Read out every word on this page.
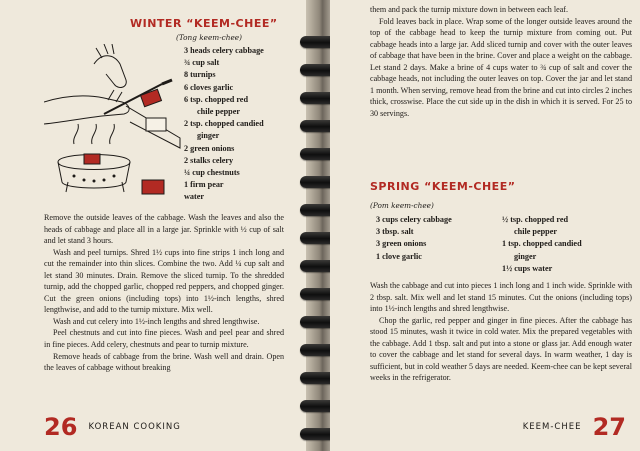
WINTER “KEEM-CHEE”
(Tong keem-chee)
3 heads celery cabbage
¾ cup salt
8 turnips
6 cloves garlic
6 tsp. chopped red
chile pepper
2 tsp. chopped candied
ginger
2 green onions
2 stalks celery
¼ cup chestnuts
1 firm pear
water

Remove the outside leaves of the cabbage. Wash the leaves and also the heads of cabbage and place all in a large jar. Sprinkle with ½ cup of salt and let stand 3 hours.

Wash and peel turnips. Shred 1½ cups into fine strips 1 inch long and cut the remainder into thin slices. Combine the two. Add ¼ cup salt and let stand 30 minutes. Drain. Remove the sliced turnip. To the shredded turnip, add the chopped garlic, chopped red peppers, and chopped ginger. Cut the green onions (including tops) into 1½-inch lengths, shred lengthwise, and add to the turnip mixture. Mix well.

Wash and cut celery into 1½-inch lengths and shred lengthwise.

Peel chestnuts and cut into fine pieces. Wash and peel pear and shred in fine pieces. Add celery, chestnuts and pear to turnip mixture.

Remove heads of cabbage from the brine. Wash well and drain. Open the leaves of cabbage without breaking

26 KOREAN COOKING

them and pack the turnip mixture down in between each leaf.

Fold leaves back in place. Wrap some of the longer outside leaves around the top of the cabbage head to keep the turnip mixture from coming out. Put cabbage heads into a large jar. Add sliced turnip and cover with the outer leaves of cabbage that have been in the brine. Cover and place a weight on the cabbage. Let stand 2 days. Make a brine of 4 cups water to ¾ cup of salt and cover the cabbage heads, not including the outer leaves on top. Cover the jar and let stand 1 month. When serving, remove head from the brine and cut into circles 2 inches thick, crosswise. Place the cut side up in the dish in which it is served. For 25 to 30 servings.

SPRING “KEEM-CHEE”
(Pom keem-chee)
3 cups celery cabbage
3 tbsp. salt
3 green onions
1 clove garlic
½ tsp. chopped red
chile pepper
1 tsp. chopped candied
ginger
1½ cups water

Wash the cabbage and cut into pieces 1 inch long and 1 inch wide. Sprinkle with 2 tbsp. salt. Mix well and let stand 15 minutes. Cut the onions (including tops) into 1½-inch lengths and shred lengthwise.

Chop the garlic, red pepper and ginger in fine pieces. After the cabbage has stood 15 minutes, wash it twice in cold water. Mix the prepared vegetables with the cabbage. Add 1 tbsp. salt and put into a stone or glass jar. Add enough water to cover the cabbage and let stand for several days. In warm weather, 1 day is sufficient, but in cold weather 5 days are needed. Keem-chee can be kept several weeks in the refrigerator.

KEEM-CHEE 27
